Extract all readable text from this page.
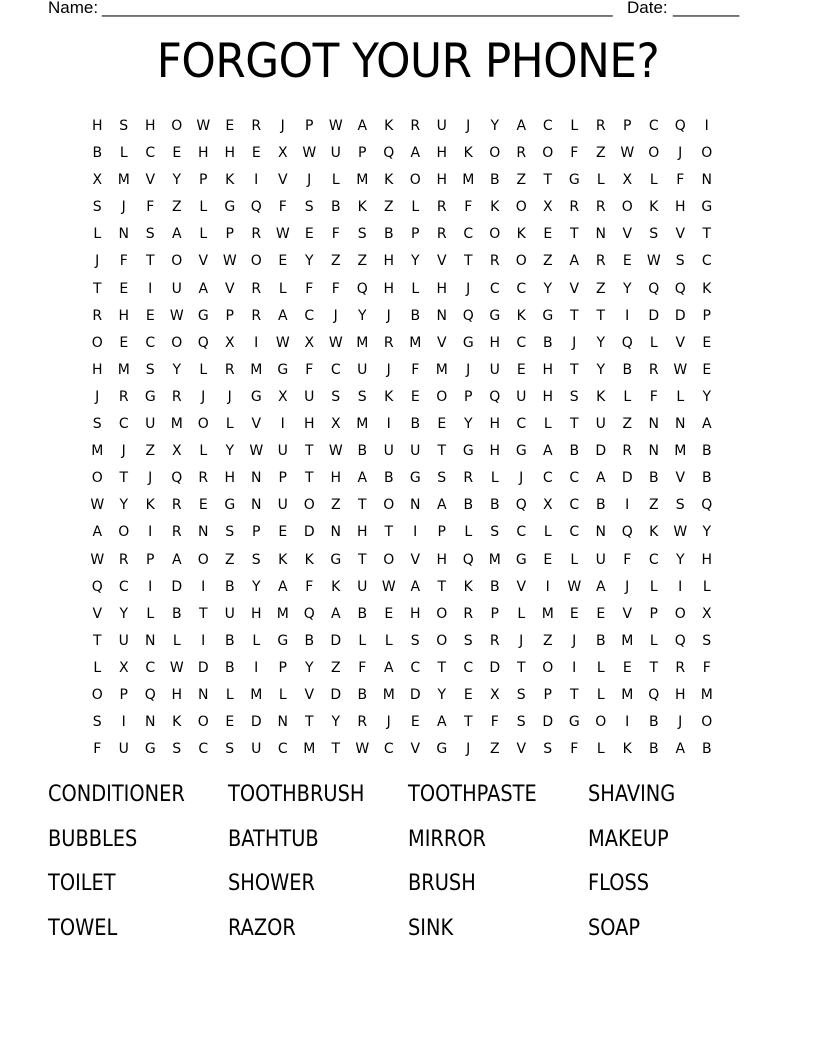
Name: ______________________________________________________ Date: _______
FORGOT YOUR PHONE?
H	S	H	O	W	E	R	J	P	W	A	K	R	U	J	Y	A	C	L	R	P	C	Q	I
B	L	C	E	H	H	E	X	W	U	P	Q	A	H	K	O	R	O	F	Z	W	O	J	O
X	M	V	Y	P	K	I	V	J	L	M	K	O	H	M	B	Z	T	G	L	X	L	F	N
S	J	F	Z	L	G	Q	F	S	B	K	Z	L	R	F	K	O	X	R	R	O	K	H	G
L	N	S	A	L	P	R	W	E	F	S	B	P	R	C	O	K	E	T	N	V	S	V	T
J	F	T	O	V	W	O	E	Y	Z	Z	H	Y	V	T	R	O	Z	A	R	E	W	S	C
T	E	I	U	A	V	R	L	F	F	Q	H	L	H	J	C	C	Y	V	Z	Y	Q	Q	K
R	H	E	W	G	P	R	A	C	J	Y	J	B	N	Q	G	K	G	T	T	I	D	D	P
O	E	C	O	Q	X	I	W	X	W M	R	M	V	G	H	C	B	J	Y	Q	L	V	E
H	M	S	Y	L	R	M	G	F	C	U	J	F	M	J	U	E	H	T	Y	B	R	W	E
J	R	G	R	J	J	G	X	U	S	S	K	E	O	P	Q	U	H	S	K	L	F	L	Y
S	C	U	M	O	L	V	I	H	X	M	I	B	E	Y	H	C	L	T	U	Z	N	N	A
M	J	Z	X	L	Y	W	U	T	W	B	U	U	T	G	H	G	A	B	D	R	N	M	B
O	T	J	Q	R	H	N	P	T	H	A	B	G	S	R	L	J	C	C	A	D	B	V	B
W	Y	K	R	E	G	N	U	O	Z	T	O	N	A	B	B	Q	X	C	B	I	Z	S	Q
A	O	I	R	N	S	P	E	D	N	H	T	I	P	L	S	C	L	C	N	Q	K	W	Y
W	R	P	A	O	Z	S	K	K	G	T	O	V	H	Q	M	G	E	L	U	F	C	Y	H
Q	C	I	D	I	B	Y	A	F	K	U	W	A	T	K	B	V	I	W	A	J	L	I	L
V	Y	L	B	T	U	H	M	Q	A	B	E	H	O	R	P	L	M	E	E	V	P	O	X
T	U	N	L	I	B	L	G	B	D	L	L	S	O	S	R	J	Z	J	B	M	L	Q	S
L	X	C	W	D	B	I	P	Y	Z	F	A	C	T	C	D	T	O	I	L	E	T	R	F
O	P	Q	H	N	L	M	L	V	D	B	M	D	Y	E	X	S	P	T	L	M	Q	H	M
S	I	N	K	O	E	D	N	T	Y	R	J	E	A	T	F	S	D	G	O	I	B	J	O
F	U	G	S	C	S	U	C	M	T	W	C	V	G	J	Z	V	S	F	L	K	B	A	B
CONDITIONER	TOOTHBRUSH	TOOTHPASTE	SHAVING
BUBBLES	BATHTUB	MIRROR	MAKEUP
TOILET	SHOWER	BRUSH	FLOSS
TOWEL	RAZOR	SINK	SOAP
